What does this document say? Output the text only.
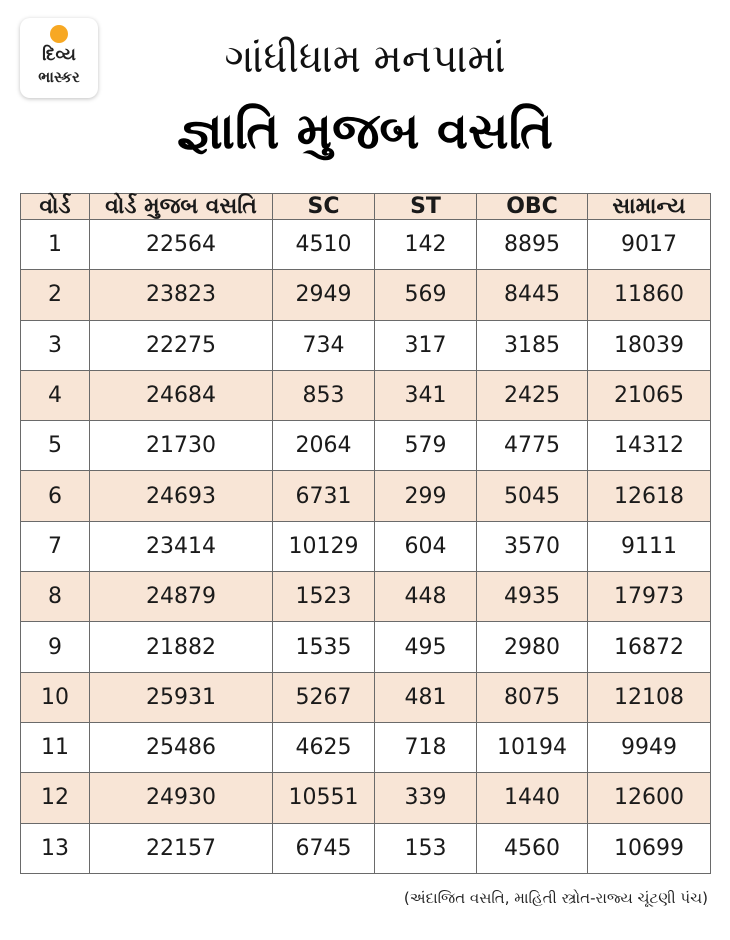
દિવ્ય
ભાસ્કર	ગાંધીધામ મનપામાં
જ્ઞાતિ મુજબ વસતિ
વોર્ડ	વોર્ડ મુજબ વસતિ	SC	ST	OBC	સામાન્ય
1	22564	4510	142	8895	9017
2	23823	2949	569	8445	11860
3	22275	734	317	3185	18039
4	24684	853	341	2425	21065
5	21730	2064	579	4775	14312
6	24693	6731	299	5045	12618
7	23414	10129	604	3570	9111
8	24879	1523	448	4935	17973
9	21882	1535	495	2980	16872
10	25931	5267	481	8075	12108
11	25486	4625	718	10194	9949
12	24930	10551	339	1440	12600
13	22157	6745	153	4560	10699
(અંદાજિત વસતિ, માહિતી સ્ત્રોત-રાજ્ય ચૂંટણી પંચ)
